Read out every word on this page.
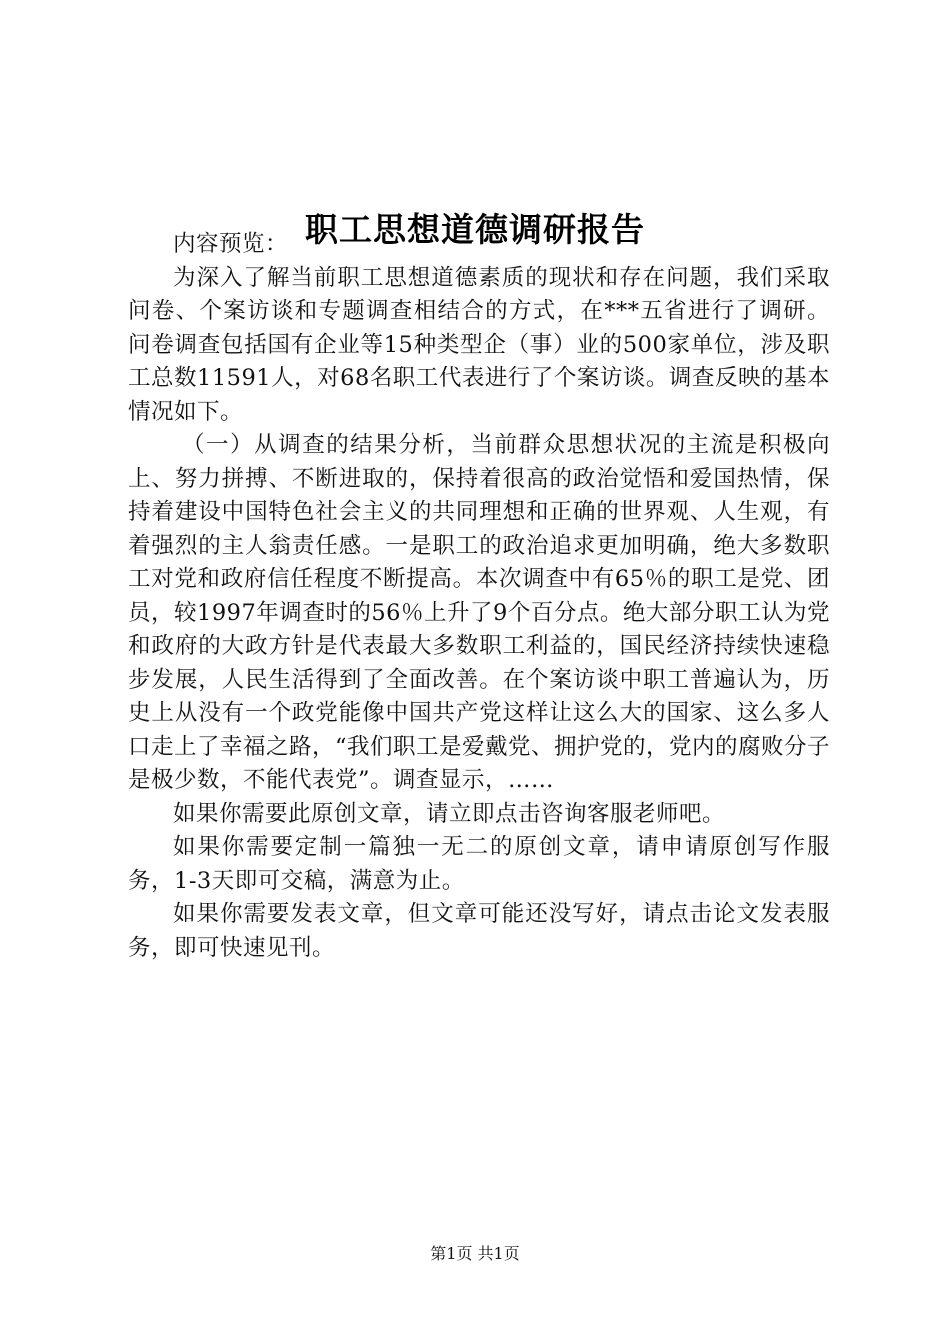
职工思想道德调研报告

内容预览：

为深入了解当前职工思想道德素质的现状和存在问题，我们采取问卷、个案访谈和专题调查相结合的方式，在***五省进行了调研。问卷调查包括国有企业等15种类型企（事）业的500家单位，涉及职工总数11591人，对68名职工代表进行了个案访谈。调查反映的基本情况如下。

（一）从调查的结果分析，当前群众思想状况的主流是积极向上、努力拼搏、不断进取的，保持着很高的政治觉悟和爱国热情，保持着建设中国特色社会主义的共同理想和正确的世界观、人生观，有着强烈的主人翁责任感。一是职工的政治追求更加明确，绝大多数职工对党和政府信任程度不断提高。本次调查中有65％的职工是党、团员，较1997年调查时的56％上升了9个百分点。绝大部分职工认为党和政府的大政方针是代表最大多数职工利益的，国民经济持续快速稳步发展，人民生活得到了全面改善。在个案访谈中职工普遍认为，历史上从没有一个政党能像中国共产党这样让这么大的国家、这么多人口走上了幸福之路，“我们职工是爱戴党、拥护党的，党内的腐败分子是极少数，不能代表党”。调查显示，……

如果你需要此原创文章，请立即点击咨询客服老师吧。

如果你需要定制一篇独一无二的原创文章，请申请原创写作服务，1-3天即可交稿，满意为止。

如果你需要发表文章，但文章可能还没写好，请点击论文发表服务，即可快速见刊。

第1页 共1页
